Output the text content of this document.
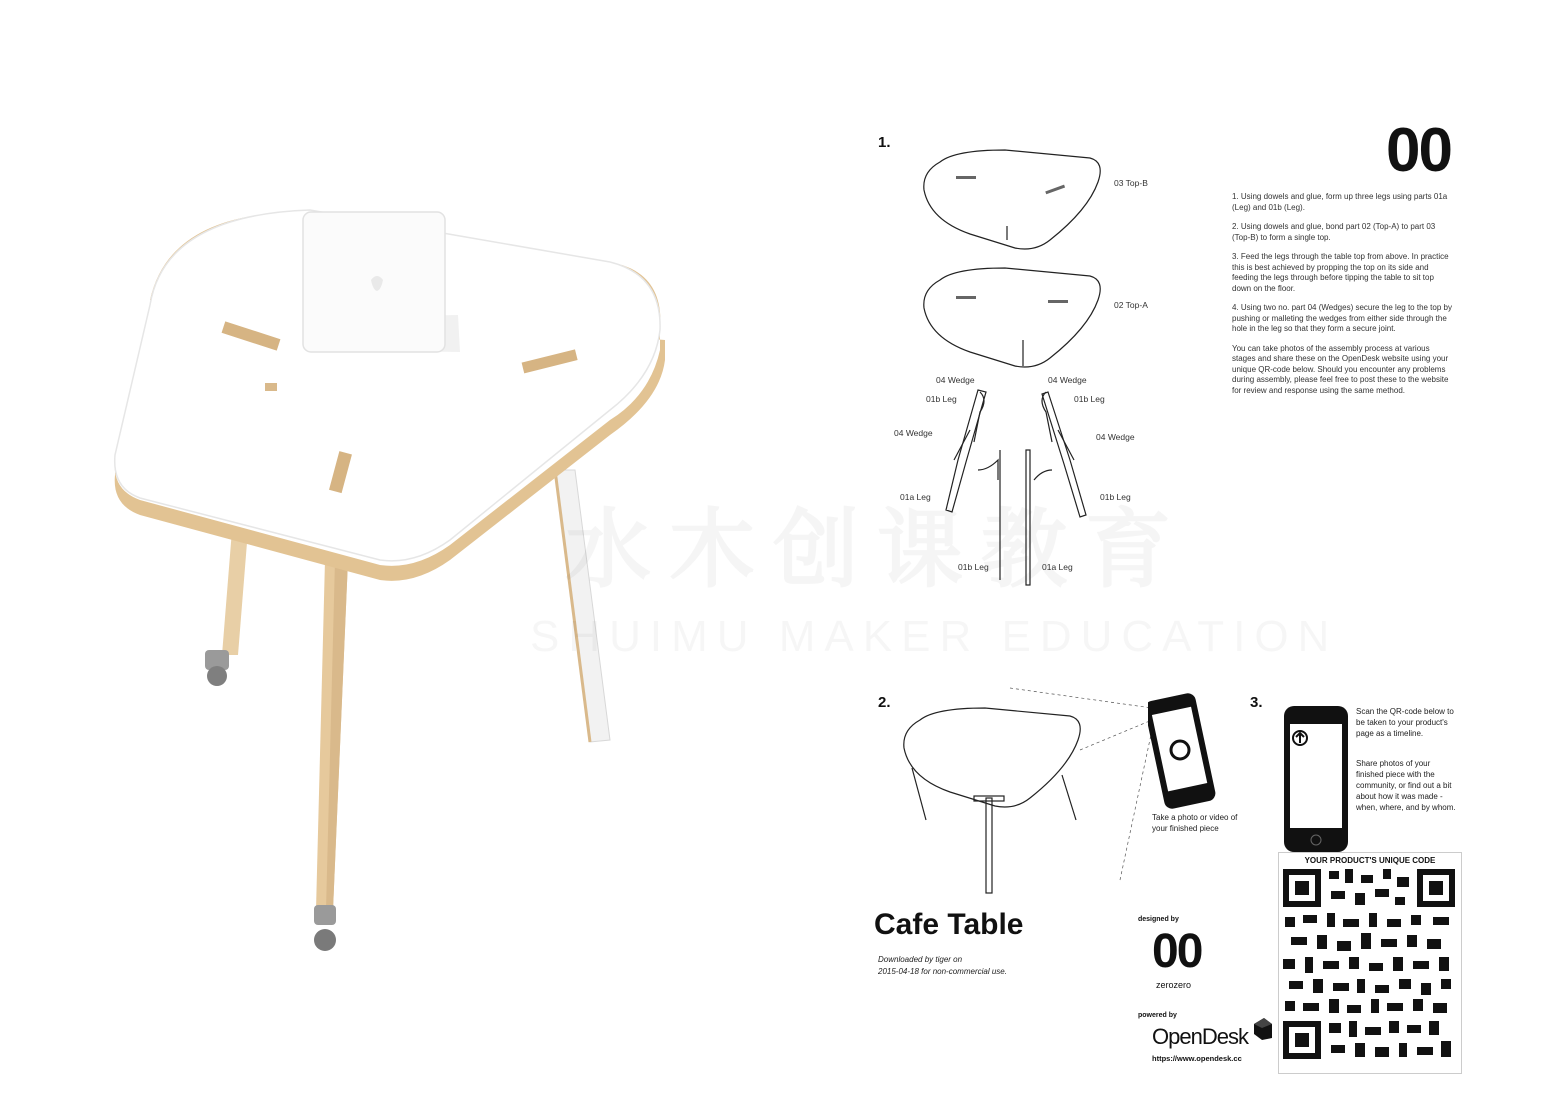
1.
03 Top-B
02 Top-A
04 Wedge	04 Wedge
01b Leg	01b Leg
04 Wedge	04 Wedge
01a Leg	01b Leg
01b Leg	01a Leg
00

1. Using dowels and glue, form up three legs using parts 01a (Leg) and 01b (Leg).

2. Using dowels and glue, bond part 02 (Top-A) to part 03 (Top-B) to form a single top.

3. Feed the legs through the table top from above. In practice this is best achieved by propping the top on its side and feeding the legs through before tipping the table to sit top down on the floor.

4. Using two no. part 04 (Wedges) secure the leg to the top by pushing or malleting the wedges from either side through the hole in the leg so that they form a secure joint.

You can take photos of the assembly process at various stages and share these on the OpenDesk website using your unique QR-code below. Should you encounter any problems during assembly, please feel free to post these to the website for review and response using the same method.

2.
Take a photo or video of your finished piece
3.
Scan the QR-code below to be taken to your product's page as a timeline.
Share photos of your finished piece with the community, or find out a bit about how it was made - when, where, and by whom.
YOUR PRODUCT'S UNIQUE CODE
Cafe Table
Downloaded by tiger on
2015-04-18 for non-commercial use.
designed by
00
zerozero
powered by
OpenDesk
https://www.opendesk.cc
